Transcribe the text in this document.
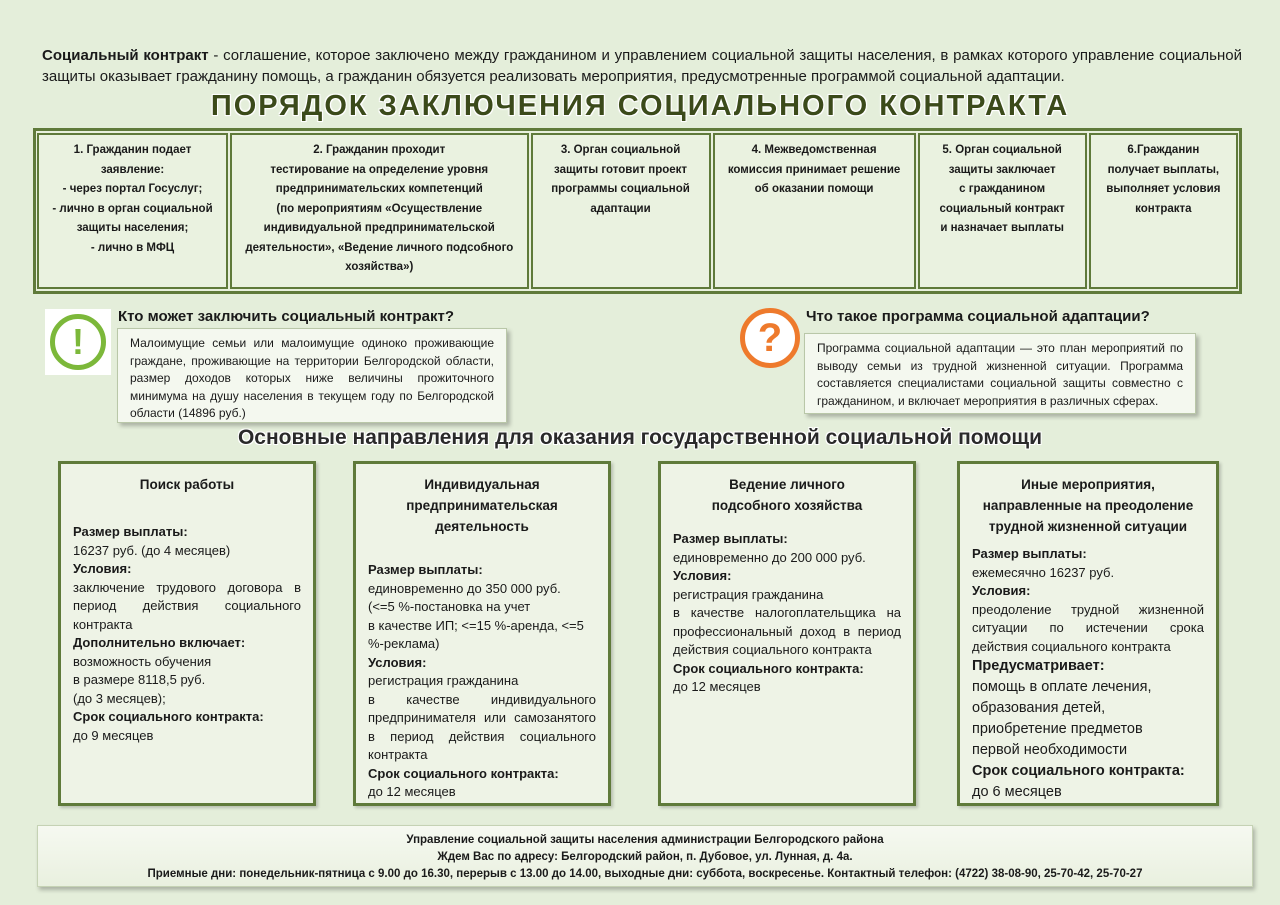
Социальный контракт - соглашение, которое заключено между гражданином и управлением социальной защиты населения, в рамках которого управление социальной защиты оказывает гражданину помощь, а гражданин обязуется реализовать мероприятия, предусмотренные программой социальной адаптации.
ПОРЯДОК ЗАКЛЮЧЕНИЯ СОЦИАЛЬНОГО КОНТРАКТА
1. Гражданин подает
заявление:
- через портал Госуслуг;
- лично в орган социальной
защиты населения;
- лично в МФЦ
2. Гражданин проходит
тестирование на определение уровня
предпринимательских компетенций
(по мероприятиям «Осуществление
индивидуальной предпринимательской
деятельности», «Ведение личного подсобного
хозяйства»)
3. Орган социальной
защиты готовит проект
программы социальной
адаптации
4. Межведомственная
комиссия принимает решение
об оказании помощи
5. Орган социальной
защиты заключает
с гражданином
социальный контракт
и назначает выплаты
6.Гражданин
получает выплаты,
выполняет условия
контракта
!
Кто может заключить социальный контракт?
Малоимущие семьи или малоимущие одиноко проживающие граждане, проживающие на территории Белгородской области, размер доходов которых ниже величины прожиточного минимума на душу населения в текущем году по Белгородской области (14896 руб.)
?	Что такое программа социальной адаптации?
Программа социальной адаптации — это план мероприятий по выводу семьи из трудной жизненной ситуации. Программа составляется специалистами социальной защиты совместно с гражданином, и включает мероприятия в различных сферах.
Основные направления для оказания государственной социальной помощи
Поиск работы
Размер выплаты:
16237 руб. (до 4 месяцев)
Условия:
заключение трудового договора в период действия социального контракта
Дополнительно включает:
возможность обучения
в размере 8118,5 руб.
(до 3 месяцев);
Срок социального контракта:
до 9 месяцев
Индивидуальная
предпринимательская
деятельность
Размер выплаты:
единовременно до 350 000 руб.
(<=5 %-постановка на учет
в качестве ИП; <=15 %-аренда, <=5 %-реклама)
Условия:
регистрация гражданина
в качестве индивидуального предпринимателя или самозанятого в период действия социального контракта
Срок социального контракта:
до 12 месяцев
Ведение личного
подсобного хозяйства
Размер выплаты:
единовременно до 200 000 руб.
Условия:
регистрация гражданина
в качестве налогоплательщика на профессиональный доход в период действия социального контракта
Срок социального контракта:
до 12 месяцев
Иные мероприятия,
направленные на преодоление
трудной жизненной ситуации
Размер выплаты:
ежемесячно 16237 руб.
Условия:
преодоление трудной жизненной ситуации по истечении срока действия социального контракта
Предусматривает:
помощь в оплате лечения,
образования детей,
приобретение предметов
первой необходимости
Срок социального контракта:
до 6 месяцев
Управление социальной защиты населения администрации Белгородского района
Ждем Вас по адресу: Белгородский район, п. Дубовое, ул. Лунная, д. 4а.
Приемные дни: понедельник-пятница с 9.00 до 16.30, перерыв с 13.00 до 14.00, выходные дни: суббота, воскресенье. Контактный телефон: (4722) 38-08-90, 25-70-42, 25-70-27
